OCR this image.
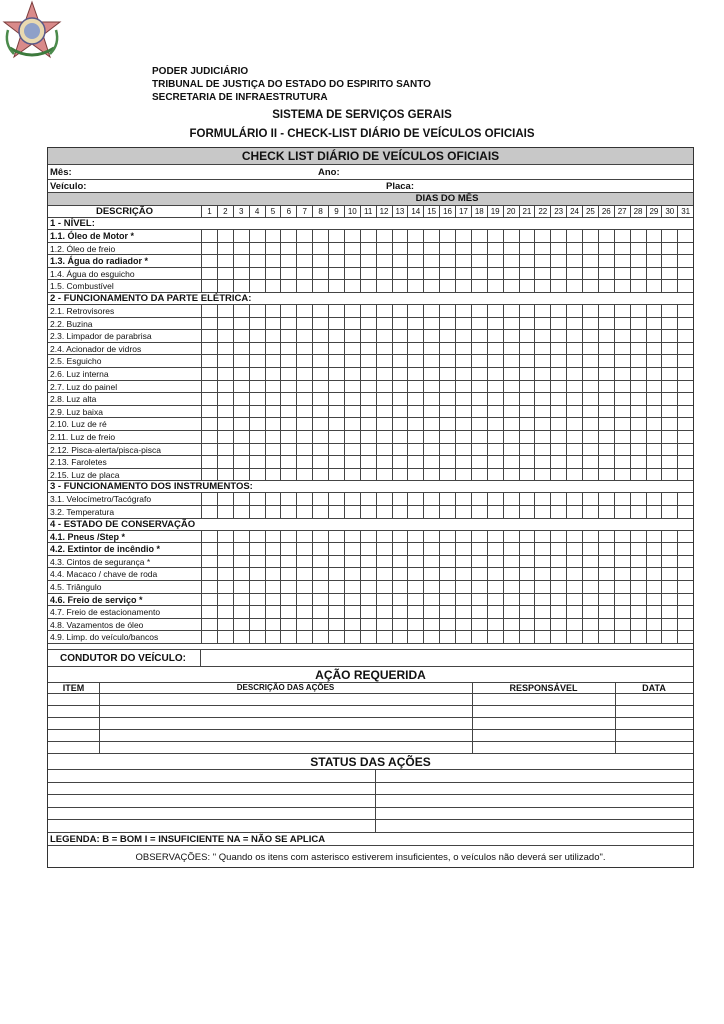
PODER JUDICIÁRIO
TRIBUNAL DE JUSTIÇA DO ESTADO DO ESPIRITO SANTO
SECRETARIA DE INFRAESTRUTURA
SISTEMA DE SERVIÇOS GERAIS
FORMULÁRIO II - CHECK-LIST DIÁRIO DE VEÍCULOS OFICIAIS
CHECK LIST DIÁRIO DE VEÍCULOS OFICIAIS
Mês:	Ano:
Veículo:	Placa:
DIAS DO MÊS
DESCRIÇÃO	1	2	3	4	5	6	7	8	9	10 11 12 13 14 15 16 17 18 19 20 21 22 23 24 25 26 27 28 29 30 31
1 - NÍVEL:
1.1. Óleo de Motor *
1.2. Óleo de freio
1.3. Água do radiador *
1.4. Água do esguicho
1.5. Combustível
2 - FUNCIONAMENTO DA PARTE ELÉTRICA:
2.1. Retrovisores
2.2. Buzina
2.3. Limpador de parabrisa
2.4. Acionador de vidros
2.5. Esguicho
2.6. Luz interna
2.7. Luz do painel
2.8. Luz alta
2.9. Luz baixa
2.10. Luz de ré
2.11. Luz de freio
2.12. Pisca-alerta/pisca-pisca
2.13. Faroletes
2.15. Luz de placa
3 - FUNCIONAMENTO DOS INSTRUMENTOS:
3.1. Velocímetro/Tacógrafo
3.2. Temperatura
4 - ESTADO DE CONSERVAÇÃO
4.1. Pneus /Step *
4.2. Extintor de incêndio *
4.3. Cintos de segurança *
4.4. Macaco / chave de roda
4.5. Triângulo
4.6. Freio de serviço *
4.7. Freio de estacionamento
4.8. Vazamentos de óleo
4.9. Limp. do veículo/bancos
CONDUTOR DO VEÍCULO:
AÇÃO REQUERIDA
ITEM	DESCRIÇÃO DAS AÇÕES	RESPONSÁVEL	DATA
STATUS DAS AÇÕES
LEGENDA: B = BOM I = INSUFICIENTE NA = NÃO SE APLICA
OBSERVAÇÕES: " Quando os itens com asterisco estiverem insuficientes, o veículos não deverá ser utilizado".
